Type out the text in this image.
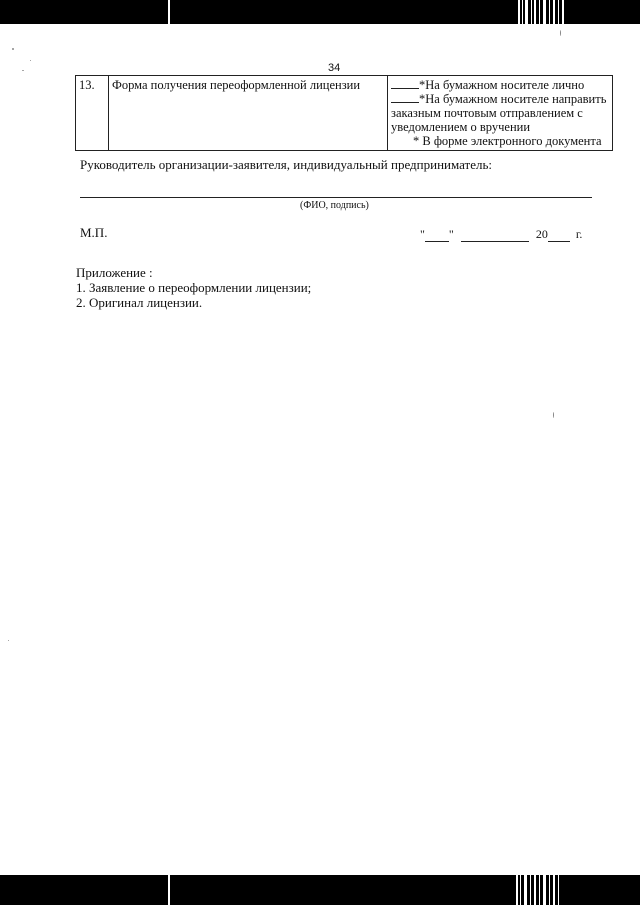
34
13.	Форма получения переоформленной лицензии	*На бумажном носителе лично
*На бумажном носителе направить заказным почтовым отправлением с уведомлением о вручении
* В форме электронного документа
Руководитель организации-заявителя, индивидуальный предприниматель:
(ФИО, подпись)
М.П.	" "	20 г.
Приложение :
1. Заявление о переоформлении лицензии;
2. Оригинал лицензии.
